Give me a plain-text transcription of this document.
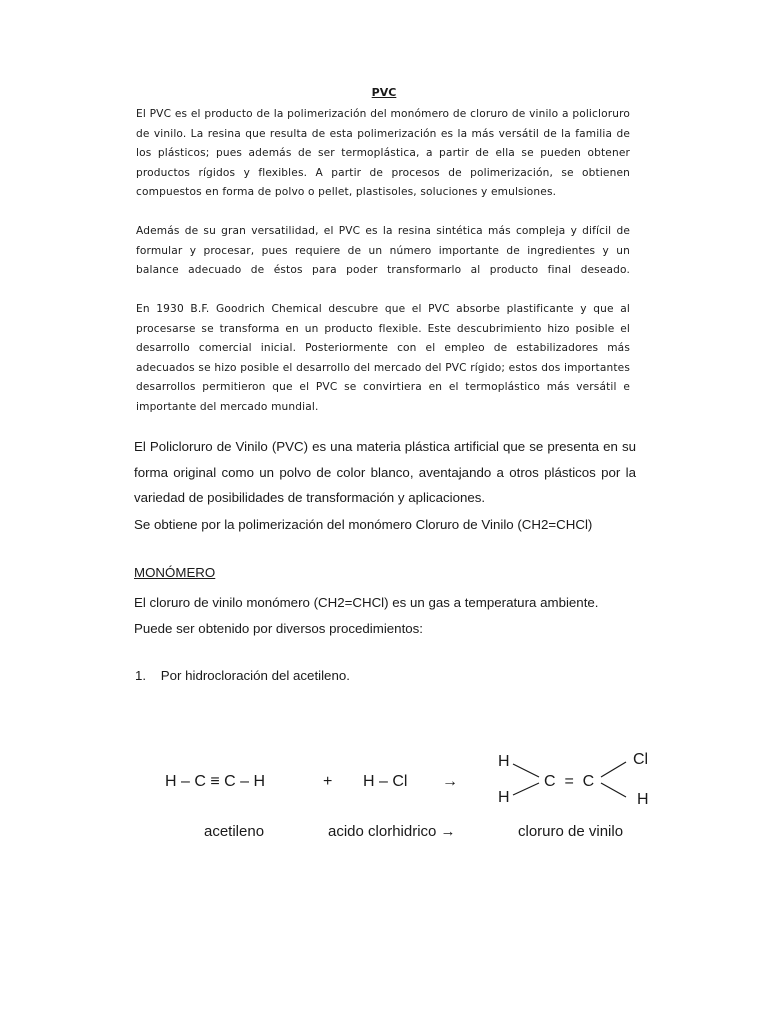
PVC
El PVC es el producto de la polimerización del monómero de cloruro de vinilo a policloruro de vinilo. La resina que resulta de esta polimerización es la más versátil de la familia de los plásticos; pues además de ser termoplástica, a partir de ella se pueden obtener productos rígidos y flexibles. A partir de procesos de polimerización, se obtienen compuestos en forma de polvo o pellet, plastisoles, soluciones y emulsiones.
Además de su gran versatilidad, el PVC es la resina sintética más compleja y difícil de formular y procesar, pues requiere de un número importante de ingredientes y un balance adecuado de éstos para poder transformarlo al producto final deseado.
En 1930 B.F. Goodrich Chemical descubre que el PVC absorbe plastificante y que al procesarse se transforma en un producto flexible. Este descubrimiento hizo posible el desarrollo comercial inicial. Posteriormente con el empleo de estabilizadores más adecuados se hizo posible el desarrollo del mercado del PVC rígido; estos dos importantes desarrollos permitieron que el PVC se convirtiera en el termoplástico más versátil e importante del mercado mundial.
El Policloruro de Vinilo (PVC) es una materia plástica artificial que se presenta en su forma original como un polvo de color blanco, aventajando a otros plásticos por la variedad de posibilidades de transformación y aplicaciones.
Se obtiene por la polimerización del monómero Cloruro de Vinilo (CH2=CHCl)
MONÓMERO
El cloruro de vinilo monómero (CH2=CHCl) es un gas a temperatura ambiente.
Puede ser obtenido por diversos procedimientos:
1. Por hidrocloración del acetileno.
H – C ≡ C – H	+ H – Cl →
H
H
C  =  C
Cl
H
acetileno	acido clorhidrico →	cloruro de vinilo
